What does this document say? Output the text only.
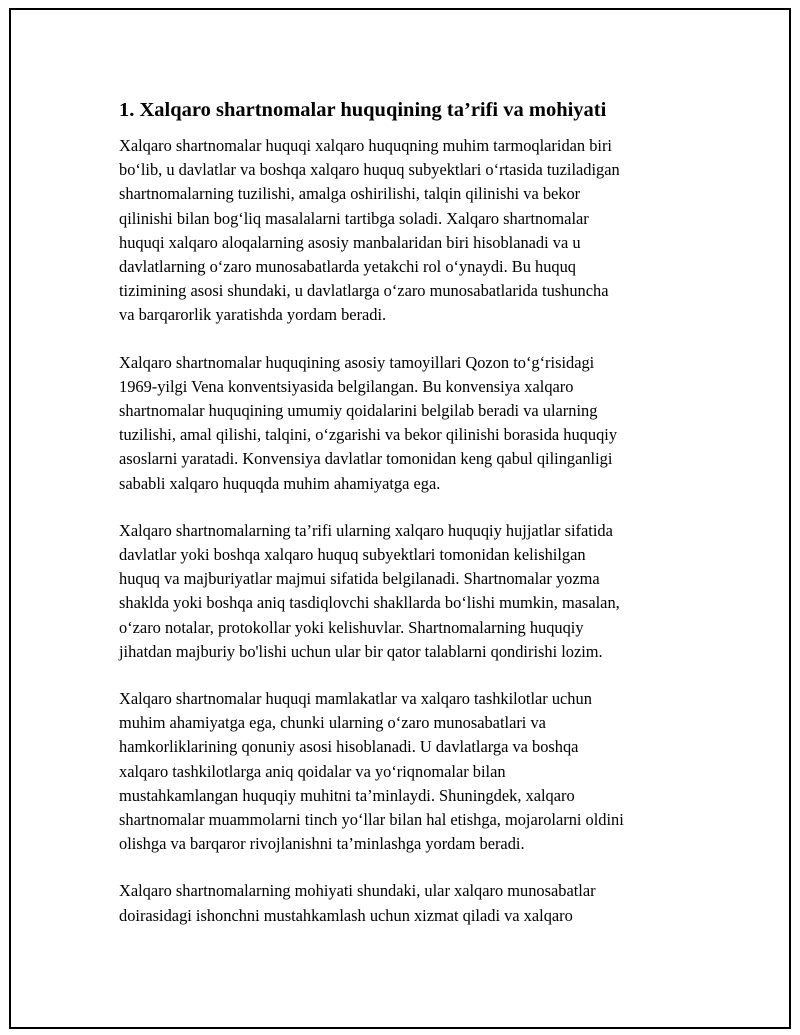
1. Xalqaro shartnomalar huquqining ta’rifi va mohiyati

Xalqaro shartnomalar huquqi xalqaro huquqning muhim tarmoqlaridan biri
bo‘lib, u davlatlar va boshqa xalqaro huquq subyektlari o‘rtasida tuziladigan
shartnomalarning tuzilishi, amalga oshirilishi, talqin qilinishi va bekor
qilinishi bilan bog‘liq masalalarni tartibga soladi. Xalqaro shartnomalar
huquqi xalqaro aloqalarning asosiy manbalaridan biri hisoblanadi va u
davlatlarning o‘zaro munosabatlarda yetakchi rol o‘ynaydi. Bu huquq
tizimining asosi shundaki, u davlatlarga o‘zaro munosabatlarida tushuncha
va barqarorlik yaratishda yordam beradi.

Xalqaro shartnomalar huquqining asosiy tamoyillari Qozon to‘g‘risidagi
1969-yilgi Vena konventsiyasida belgilangan. Bu konvensiya xalqaro
shartnomalar huquqining umumiy qoidalarini belgilab beradi va ularning
tuzilishi, amal qilishi, talqini, o‘zgarishi va bekor qilinishi borasida huquqiy
asoslarni yaratadi. Konvensiya davlatlar tomonidan keng qabul qilinganligi
sababli xalqaro huquqda muhim ahamiyatga ega.

Xalqaro shartnomalarning ta’rifi ularning xalqaro huquqiy hujjatlar sifatida
davlatlar yoki boshqa xalqaro huquq subyektlari tomonidan kelishilgan
huquq va majburiyatlar majmui sifatida belgilanadi. Shartnomalar yozma
shaklda yoki boshqa aniq tasdiqlovchi shakllarda bo‘lishi mumkin, masalan,
o‘zaro notalar, protokollar yoki kelishuvlar. Shartnomalarning huquqiy
jihatdan majburiy bo'lishi uchun ular bir qator talablarni qondirishi lozim.

Xalqaro shartnomalar huquqi mamlakatlar va xalqaro tashkilotlar uchun
muhim ahamiyatga ega, chunki ularning o‘zaro munosabatlari va
hamkorliklarining qonuniy asosi hisoblanadi. U davlatlarga va boshqa
xalqaro tashkilotlarga aniq qoidalar va yo‘riqnomalar bilan
mustahkamlangan huquqiy muhitni ta’minlaydi. Shuningdek, xalqaro
shartnomalar muammolarni tinch yo‘llar bilan hal etishga, mojarolarni oldini
olishga va barqaror rivojlanishni ta’minlashga yordam beradi.

Xalqaro shartnomalarning mohiyati shundaki, ular xalqaro munosabatlar
doirasidagi ishonchni mustahkamlash uchun xizmat qiladi va xalqaro
